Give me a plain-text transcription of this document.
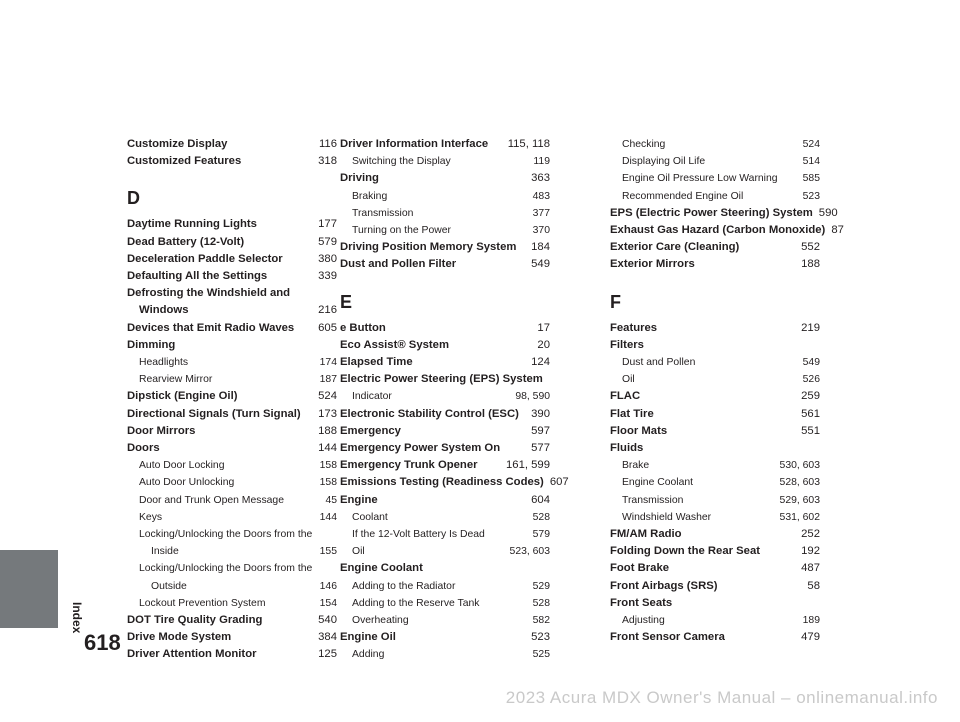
Index
618
Customize Display . . .	116
Customized Features . . .	318
D
Daytime Running Lights . . .	177
Dead Battery (12-Volt) . . .	579
Deceleration Paddle Selector . . .	380
Defaulting All the Settings . . .	339
Defrosting the Windshield and
Windows . . .	216
Devices that Emit Radio Waves . . . 605
Dimming
Headlights . . .	174
Rearview Mirror . . .	187
Dipstick (Engine Oil) . . .	524
Directional Signals (Turn Signal) . . . 173
Door Mirrors . . .	188
Doors . . .	144
Auto Door Locking . . .	158
Auto Door Unlocking . . .	158
Door and Trunk Open Message . . .	45
Keys . . .	144
Locking/Unlocking the Doors from the
Inside . . .	155
Locking/Unlocking the Doors from the
Outside . . .	146
Lockout Prevention System . . .	154
DOT Tire Quality Grading . . .	540
Drive Mode System . . .	384
Driver Attention Monitor . . .	125
Driver Information Interface . . . 115, 118
Switching the Display . . .	119
Driving . . .	363
Braking . . .	483
Transmission . . .	377
Turning on the Power . . .	370
Driving Position Memory System . . . 184
Dust and Pollen Filter . . .	549
E
e Button . . .	17
Eco Assist® System . . .	20
Elapsed Time . . .	124
Electric Power Steering (EPS) System
Indicator . . .	98, 590
Electronic Stability Control (ESC) . . . 390
Emergency . . .	597
Emergency Power System On . . .	577
Emergency Trunk Opener . . .	161, 599
Emissions Testing (Readiness Codes) 607
Engine . . .	604
Coolant . . .	528
If the 12-Volt Battery Is Dead . . .	579
Oil . . .	523, 603
Engine Coolant
Adding to the Radiator . . .	529
Adding to the Reserve Tank . . .	528
Overheating . . .	582
Engine Oil . . .	523
Adding . . .	525
Checking . . .	524
Displaying Oil Life . . .	514
Engine Oil Pressure Low Warning . . . 585
Recommended Engine Oil . . .	523
EPS (Electric Power Steering) System 590
Exhaust Gas Hazard (Carbon Monoxide) 87
Exterior Care (Cleaning) . . .	552
Exterior Mirrors . . .	188
F
Features . . .	219
Filters
Dust and Pollen . . .	549
Oil . . .	526
FLAC . . .	259
Flat Tire . . .	561
Floor Mats . . .	551
Fluids
Brake . . .	530, 603
Engine Coolant . . .	528, 603
Transmission . . .	529, 603
Windshield Washer . . .	531, 602
FM/AM Radio . . .	252
Folding Down the Rear Seat . . .	192
Foot Brake . . .	487
Front Airbags (SRS) . . .	58
Front Seats
Adjusting . . .	189
Front Sensor Camera . . .	479
2023 Acura MDX Owner's Manual – onlinemanual.info
